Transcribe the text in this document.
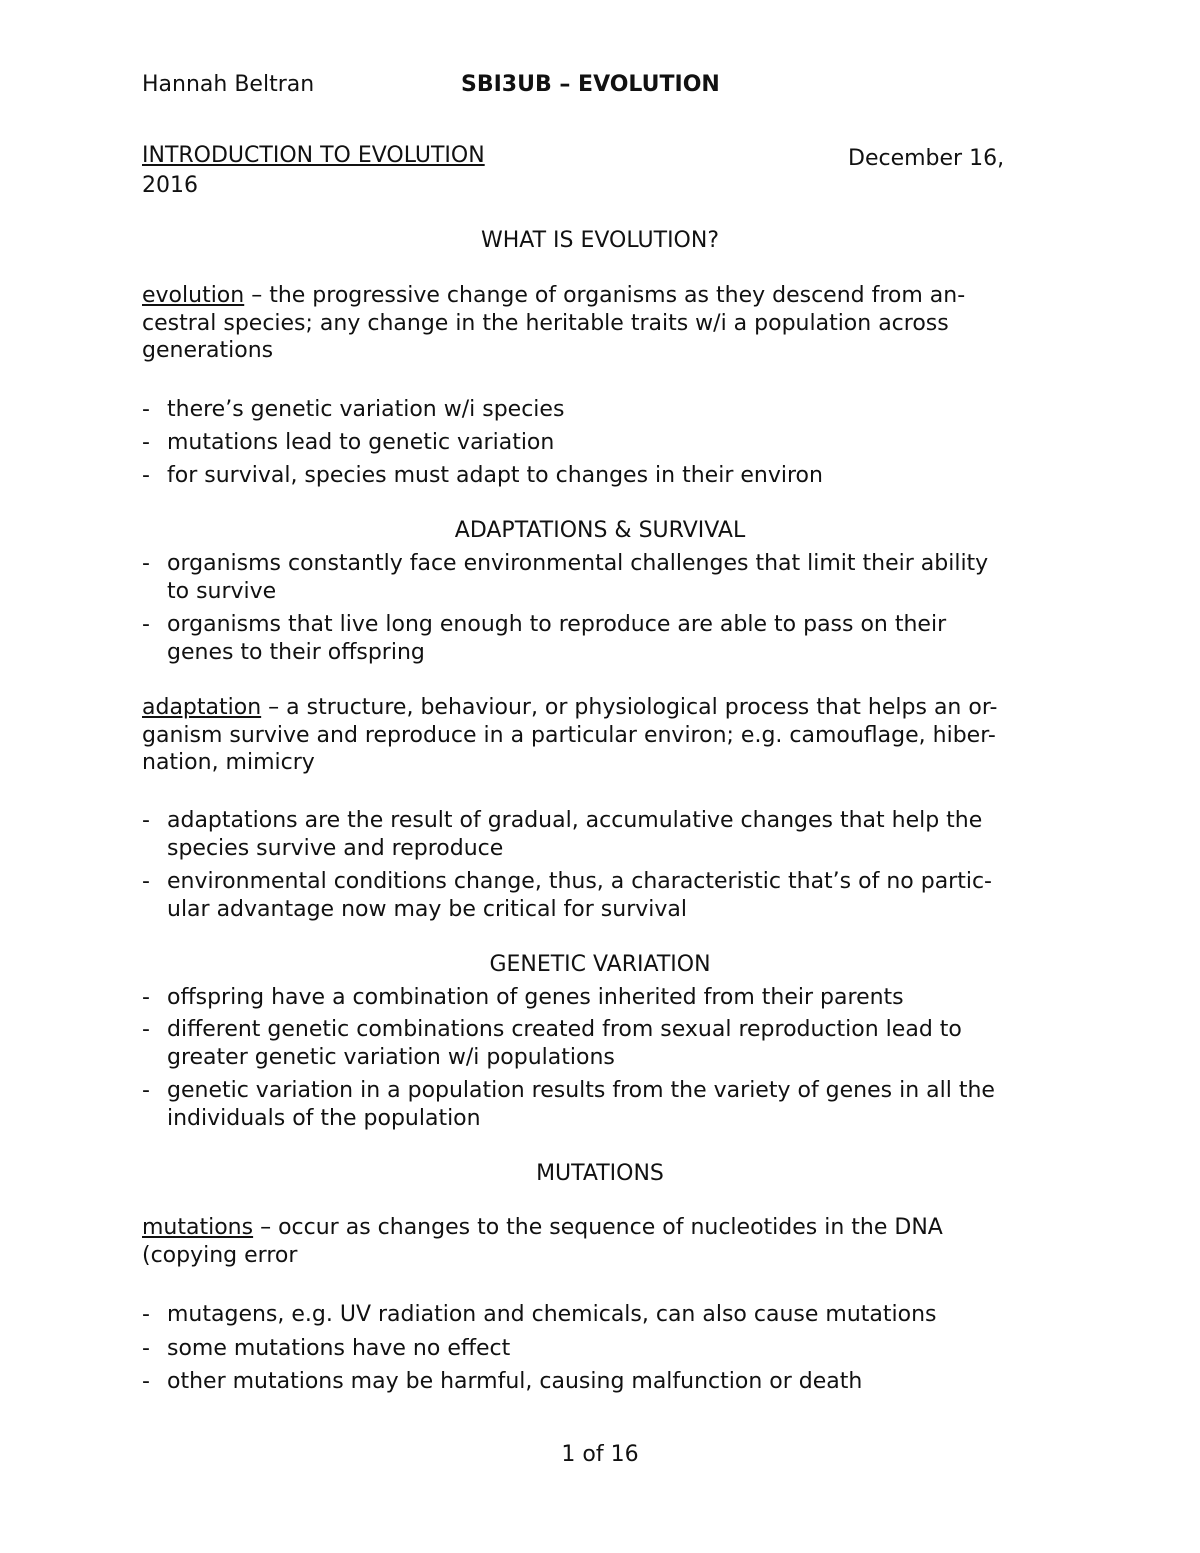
Hannah Beltran	SBI3UB – EVOLUTION
INTRODUCTION TO EVOLUTION	December 16,
2016
WHAT IS EVOLUTION?
evolution – the progressive change of organisms as they descend from an-
cestral species; any change in the heritable traits w/i a population across
generations
- there’s genetic variation w/i species
- mutations lead to genetic variation
- for survival, species must adapt to changes in their environ
ADAPTATIONS & SURVIVAL
- organisms constantly face environmental challenges that limit their ability
to survive
- organisms that live long enough to reproduce are able to pass on their
genes to their offspring
adaptation – a structure, behaviour, or physiological process that helps an or-
ganism survive and reproduce in a particular environ; e.g. camouflage, hiber-
nation, mimicry
- adaptations are the result of gradual, accumulative changes that help the
species survive and reproduce
- environmental conditions change, thus, a characteristic that’s of no partic-
ular advantage now may be critical for survival
GENETIC VARIATION
- offspring have a combination of genes inherited from their parents
- different genetic combinations created from sexual reproduction lead to
greater genetic variation w/i populations
- genetic variation in a population results from the variety of genes in all the
individuals of the population
MUTATIONS
mutations – occur as changes to the sequence of nucleotides in the DNA
(copying error
- mutagens, e.g. UV radiation and chemicals, can also cause mutations
- some mutations have no effect
- other mutations may be harmful, causing malfunction or death
1 of 16
